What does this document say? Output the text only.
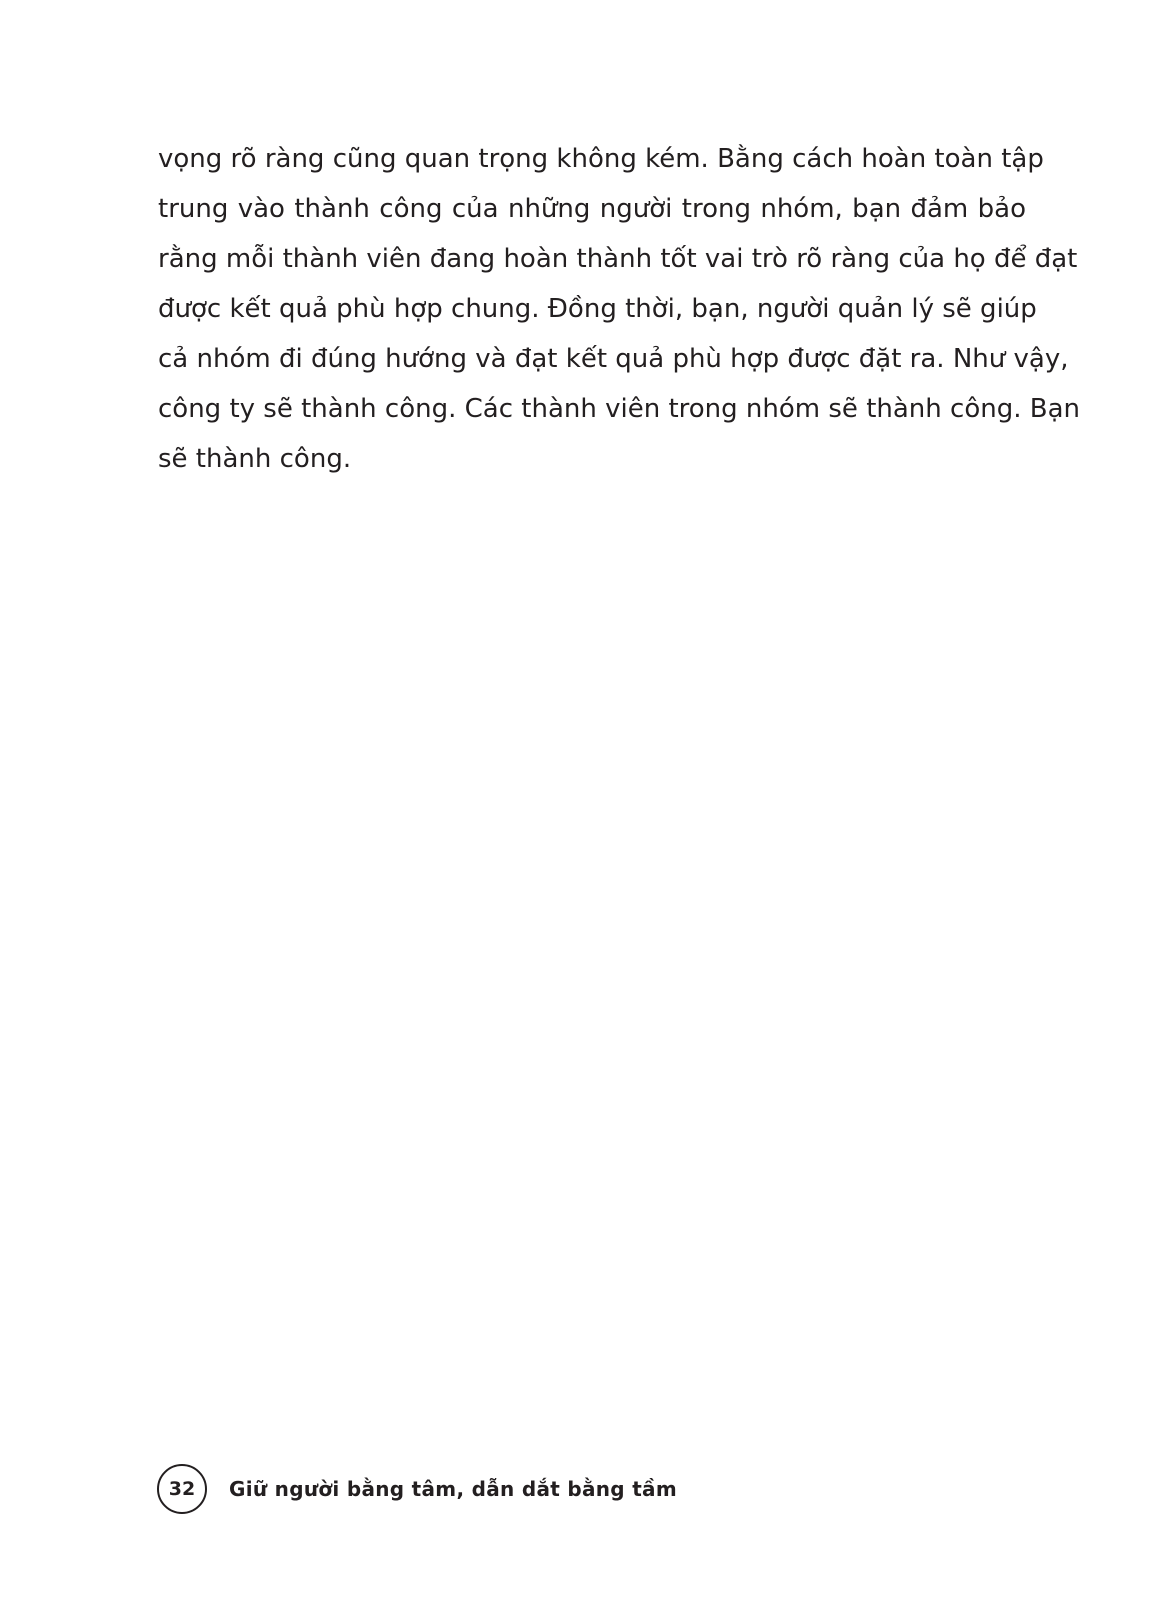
vọng rõ ràng cũng quan trọng không kém. Bằng cách hoàn toàn tập
trung vào thành công của những người trong nhóm, bạn đảm bảo
rằng mỗi thành viên đang hoàn thành tốt vai trò rõ ràng của họ để đạt
được kết quả phù hợp chung. Đồng thời, bạn, người quản lý sẽ giúp
cả nhóm đi đúng hướng và đạt kết quả phù hợp được đặt ra. Như vậy,
công ty sẽ thành công. Các thành viên trong nhóm sẽ thành công. Bạn
sẽ thành công.
32	Giữ người bằng tâm, dẫn dắt bằng tầm
